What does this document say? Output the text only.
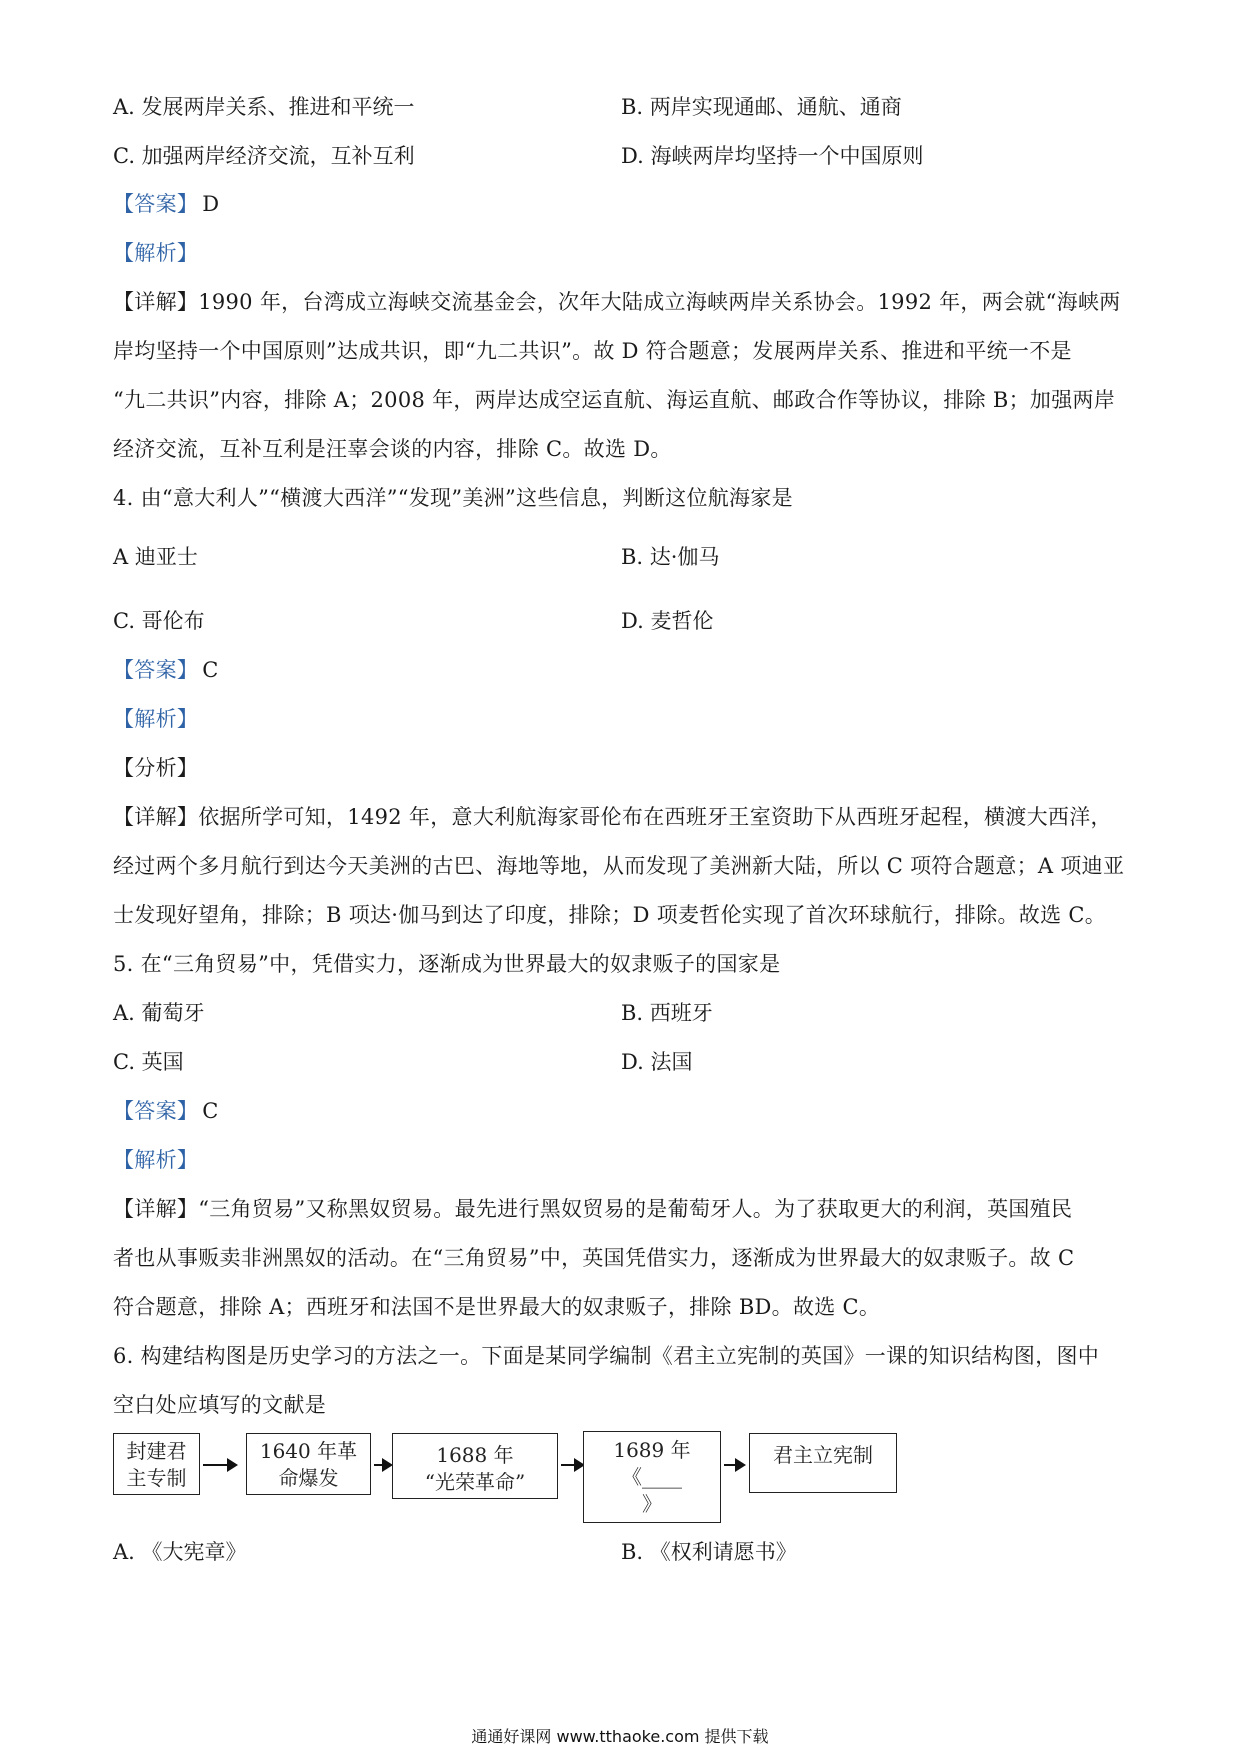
A. 发展两岸关系、推进和平统一	B. 两岸实现通邮、通航、通商
C. 加强两岸经济交流，互补互利	D. 海峡两岸均坚持一个中国原则
【答案】 D
【解析】
【详解】1990 年，台湾成立海峡交流基金会，次年大陆成立海峡两岸关系协会。1992 年，两会就“海峡两
岸均坚持一个中国原则”达成共识，即“九二共识”。故 D 符合题意；发展两岸关系、推进和平统一不是
“九二共识”内容，排除 A；2008 年，两岸达成空运直航、海运直航、邮政合作等协议，排除 B；加强两岸
经济交流，互补互利是汪辜会谈的内容，排除 C。故选 D。
4. 由“意大利人”“横渡大西洋”“发现”美洲”这些信息，判断这位航海家是
A 迪亚士	B. 达·伽马
C. 哥伦布	D. 麦哲伦
【答案】 C
【解析】
【分析】
【详解】依据所学可知，1492 年，意大利航海家哥伦布在西班牙王室资助下从西班牙起程，横渡大西洋，
经过两个多月航行到达今天美洲的古巴、海地等地，从而发现了美洲新大陆，所以 C 项符合题意；A 项迪亚
士发现好望角，排除；B 项达·伽马到达了印度，排除；D 项麦哲伦实现了首次环球航行，排除。故选 C。
5. 在“三角贸易”中，凭借实力，逐渐成为世界最大的奴隶贩子的国家是
A. 葡萄牙	B. 西班牙
C. 英国	D. 法国
【答案】 C
【解析】
【详解】“三角贸易”又称黑奴贸易。最先进行黑奴贸易的是葡萄牙人。为了获取更大的利润，英国殖民
者也从事贩卖非洲黑奴的活动。在“三角贸易”中，英国凭借实力，逐渐成为世界最大的奴隶贩子。故 C
符合题意，排除 A；西班牙和法国不是世界最大的奴隶贩子，排除 BD。故选 C。
6. 构建结构图是历史学习的方法之一。下面是某同学编制《君主立宪制的英国》一课的知识结构图，图中
空白处应填写的文献是
封建君
主专制
1640 年革
命爆发
1688 年
“光荣革命”
1689 年
《____
》
君主立宪制
A. 《大宪章》	B. 《权利请愿书》
通通好课网 www.tthaoke.com 提供下载
